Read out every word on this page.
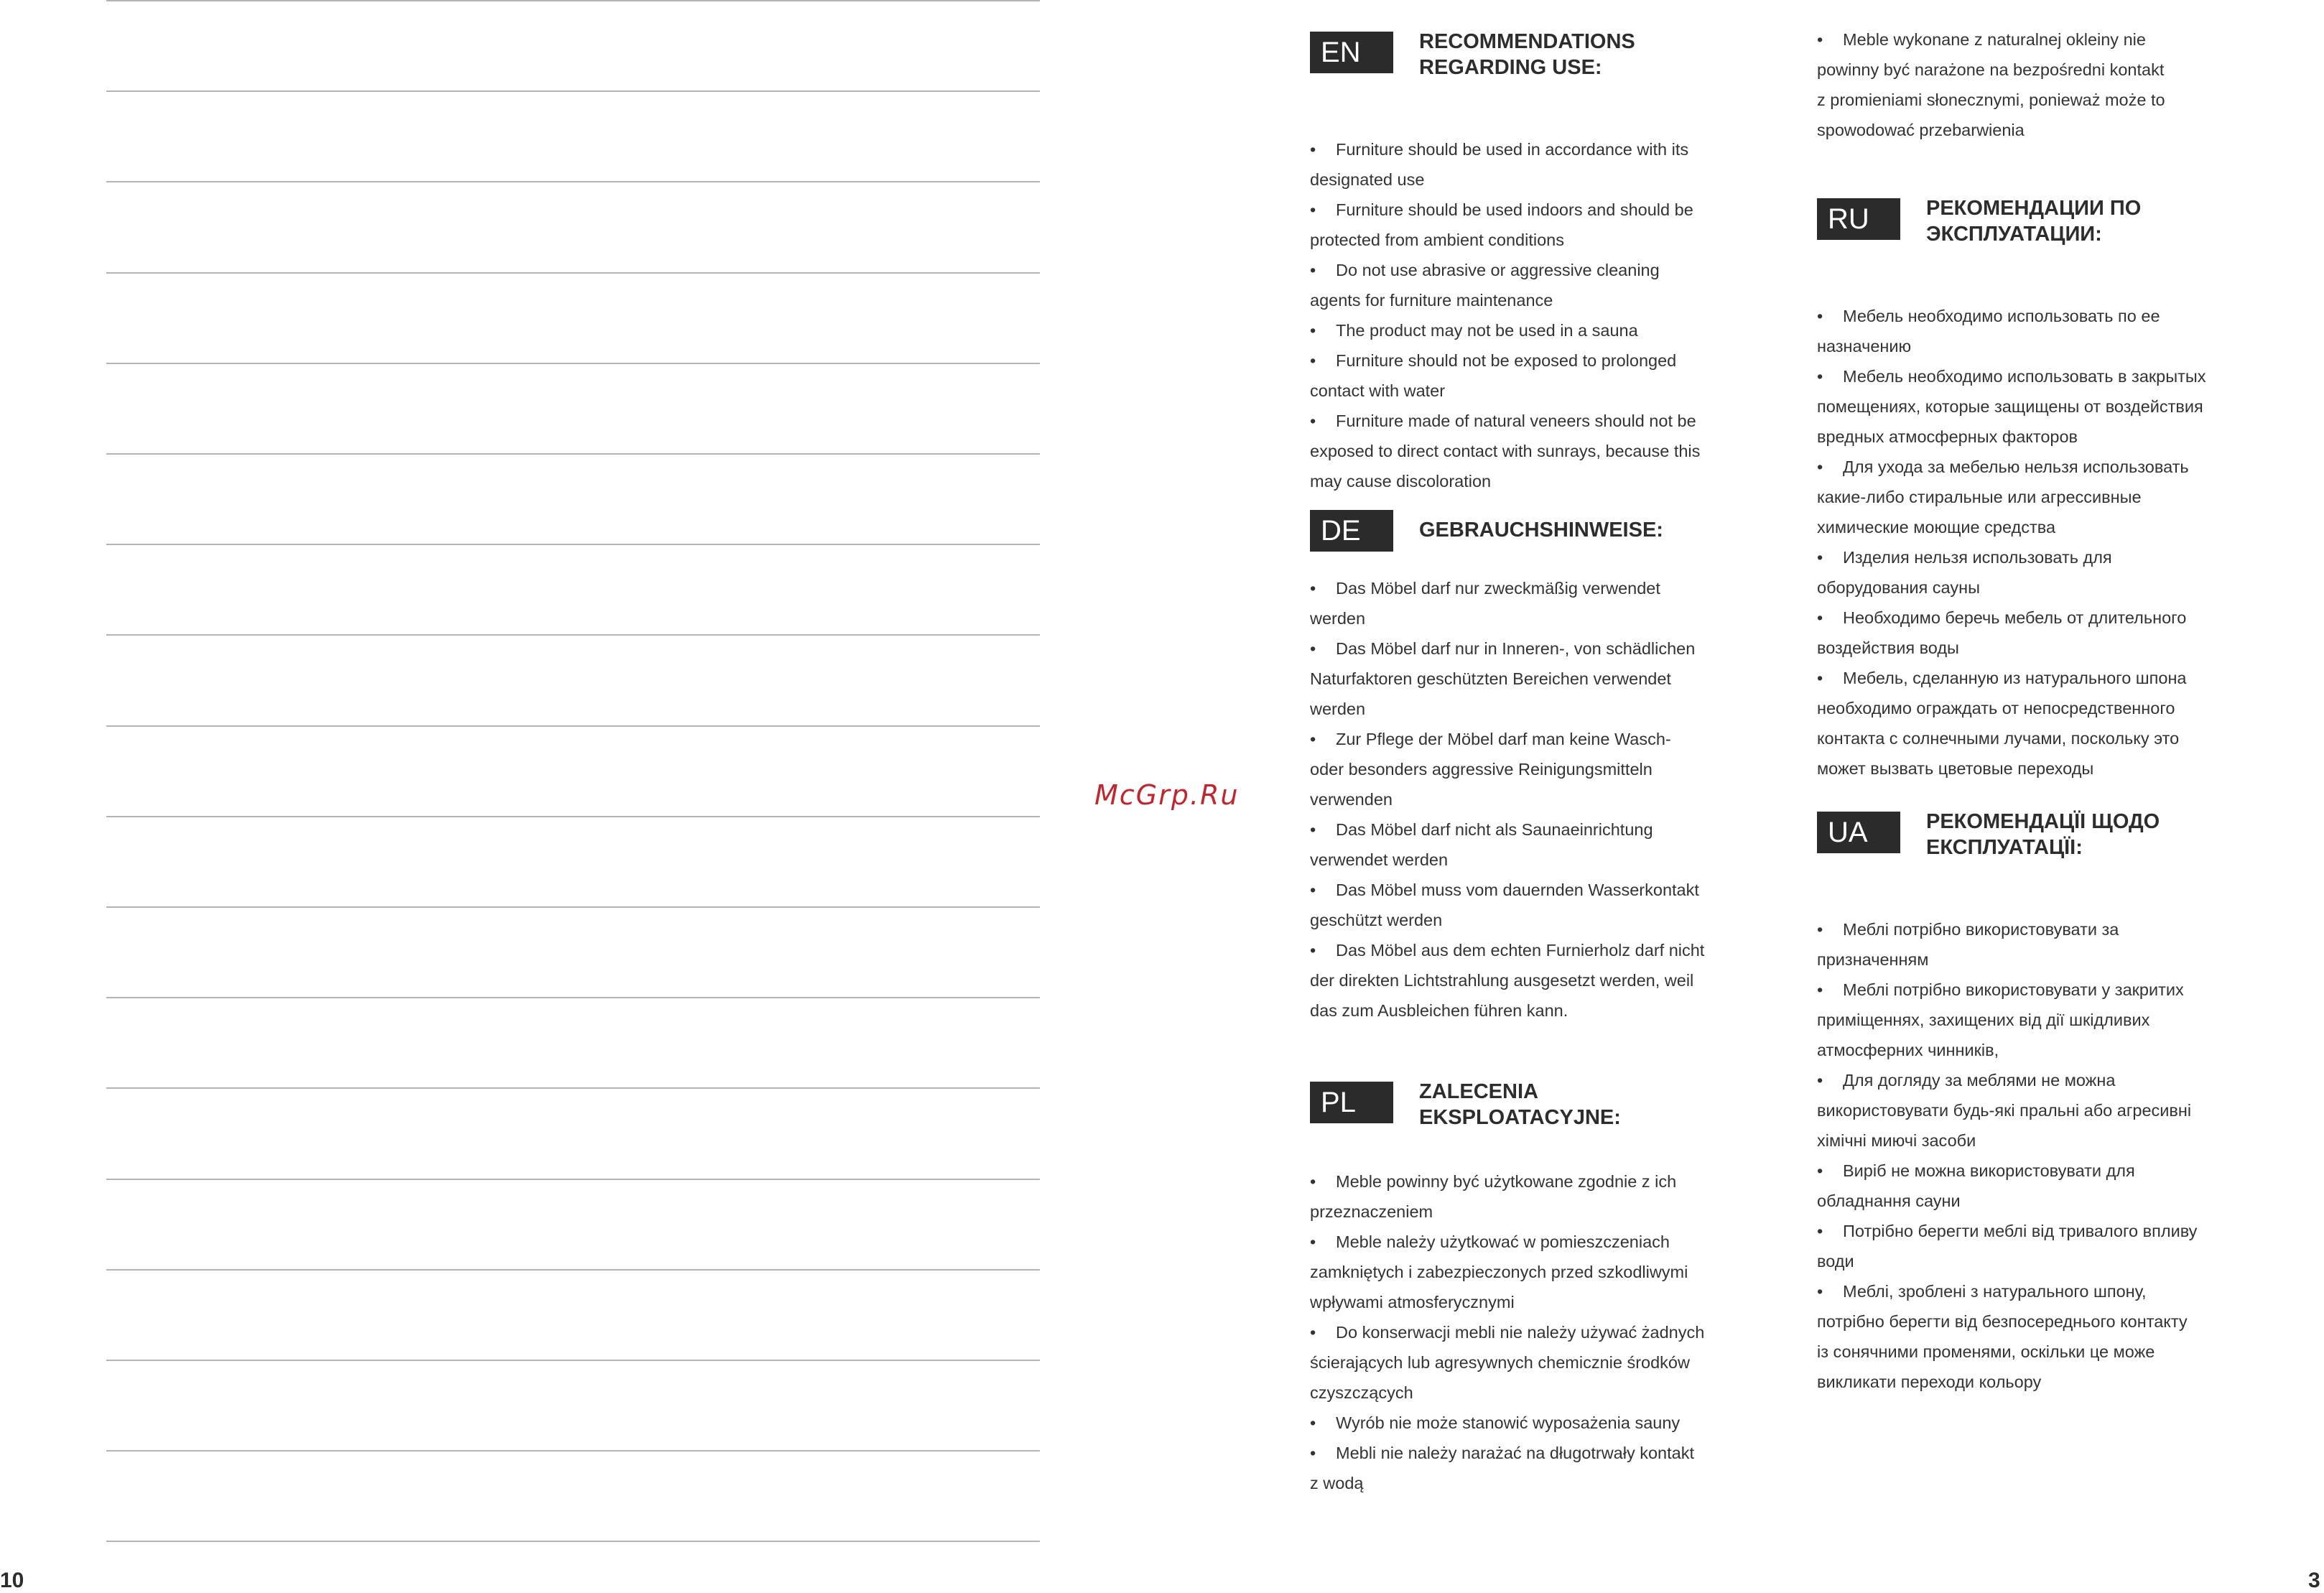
10
McGrp.Ru
EN	RECOMMENDATIONS
REGARDING USE:
• Furniture should be used in accordance with its
designated use
• Furniture should be used indoors and should be
protected from ambient conditions
• Do not use abrasive or aggressive cleaning
agents for furniture maintenance
• The product may not be used in a sauna
• Furniture should not be exposed to prolonged
contact with water
• Furniture made of natural veneers should not be
exposed to direct contact with sunrays, because this
may cause discoloration
DE	GEBRAUCHSHINWEISE:
• Das Möbel darf nur zweckmäßig verwendet
werden
• Das Möbel darf nur in Inneren-, von schädlichen
Naturfaktoren geschützten Bereichen verwendet
werden
• Zur Pflege der Möbel darf man keine Wasch-
oder besonders aggressive Reinigungsmitteln
verwenden
• Das Möbel darf nicht als Saunaeinrichtung
verwendet werden
• Das Möbel muss vom dauernden Wasserkontakt
geschützt werden
• Das Möbel aus dem echten Furnierholz darf nicht
der direkten Lichtstrahlung ausgesetzt werden, weil
das zum Ausbleichen führen kann.
PL	ZALECENIA
EKSPLOATACYJNE:
• Meble powinny być użytkowane zgodnie z ich
przeznaczeniem
• Meble należy użytkować w pomieszczeniach
zamkniętych i zabezpieczonych przed szkodliwymi
wpływami atmosferycznymi
• Do konserwacji mebli nie należy używać żadnych
ścierających lub agresywnych chemicznie środków
czyszczących
• Wyrób nie może stanowić wyposażenia sauny
• Mebli nie należy narażać na długotrwały kontakt
z wodą
• Meble wykonane z naturalnej okleiny nie
powinny być narażone na bezpośredni kontakt
z promieniami słonecznymi, ponieważ może to
spowodować przebarwienia
RU	РЕКОМЕНДАЦИИ ПО
ЭКСПЛУАТАЦИИ:
• Мебель необходимо использовать по ее
назначению
• Мебель необходимо использовать в закрытых
помещениях, которые защищены от воздействия
вредных атмосферных факторов
• Для ухода за мебелью нельзя использовать
какие-либо стиральные или агрессивные
химические моющие средства
• Изделия нельзя использовать для
оборудования сауны
• Необходимо беречь мебель от длительного
воздействия воды
• Мебель, сделанную из натурального шпона
необходимо ограждать от непосредственного
контакта с солнечными лучами, поскольку это
может вызвать цветовые переходы
UA	РЕКОМЕНДАЦЇІ ЩОДО
ЕКСПЛУАТАЦЇІ:
• Меблі потрібно використовувати за
призначенням
• Меблі потрібно використовувати у закритих
приміщеннях, захищених від дії шкідливих
атмосферних чинників,
• Для догляду за меблями не можна
використовувати будь-які пральні або агресивні
хімічні миючі засоби
• Виріб не можна використовувати для
обладнання сауни
• Потрібно берегти меблі від тривалого впливу
води
• Меблі, зроблені з натурального шпону,
потрібно берегти від безпосереднього контакту
із сонячними променями, оскільки це може
викликати переходи кольору
3
